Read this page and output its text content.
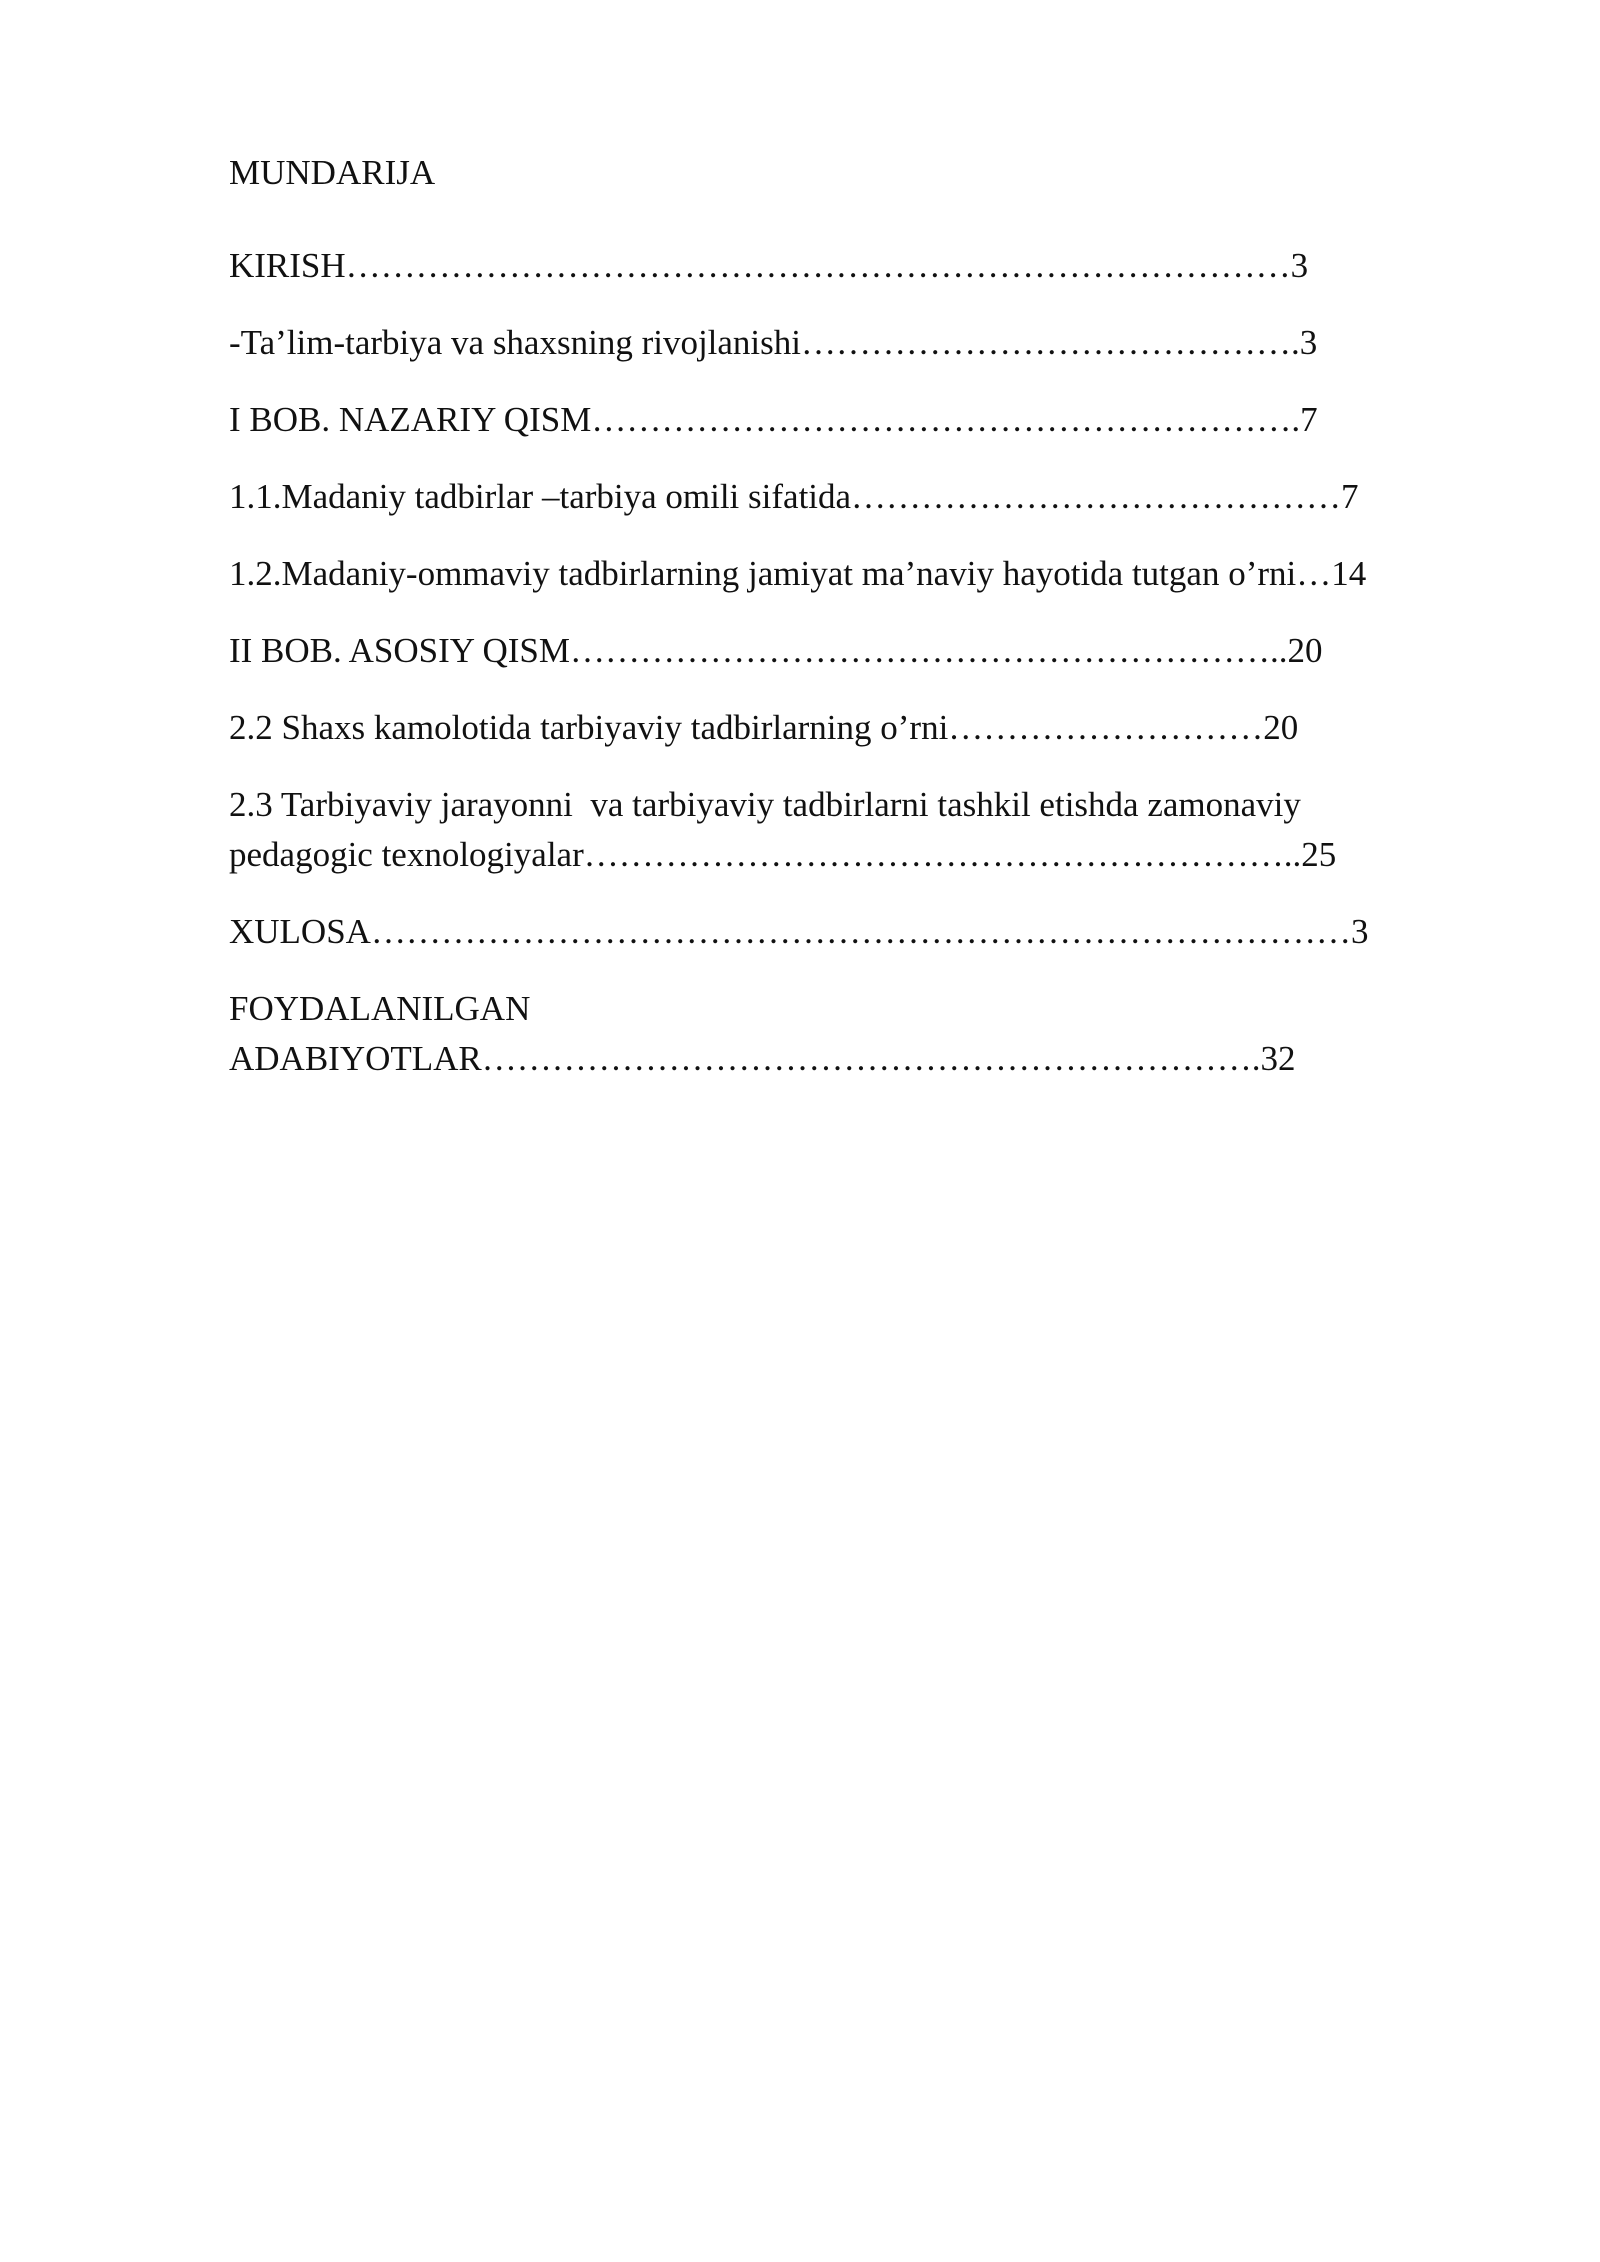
MUNDARIJA
KIRISH………………………………………………………………………3
-Ta’lim-tarbiya va shaxsning rivojlanishi…………………………………….3
I BOB. NAZARIY QISM…………………………………………………….7
1.1.Madaniy tadbirlar –tarbiya omili sifatida……………………………………7
1.2.Madaniy-ommaviy tadbirlarning jamiyat ma’naviy hayotida tutgan o’rni…14
II BOB. ASOSIY QISM……………………………………………………..20
2.2 Shaxs kamolotida tarbiyaviy tadbirlarning o’rni………………………20
2.3 Tarbiyaviy jarayonni  va tarbiyaviy tadbirlarni tashkil etishda zamonaviy
pedagogic texnologiyalar……………………………………………………..25
XULOSA…………………………………………………………………………3
FOYDALANILGAN
ADABIYOTLAR………………………………………………………….32
